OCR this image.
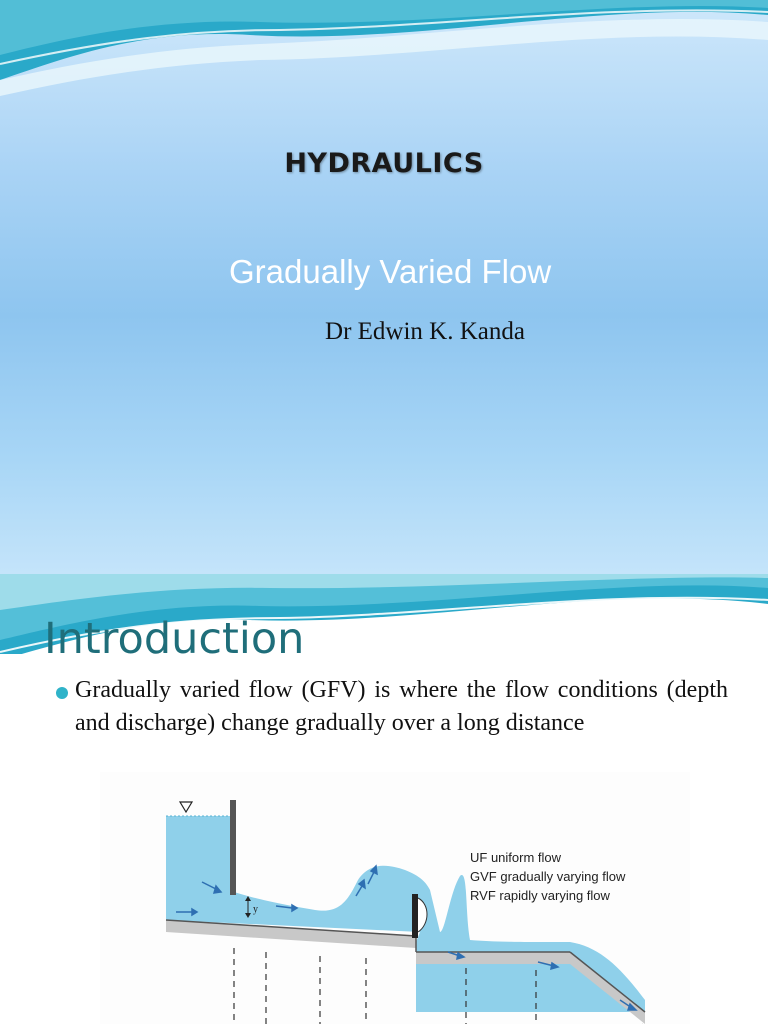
HYDRAULICS
Gradually Varied Flow
Dr Edwin K. Kanda
Introduction
Gradually varied flow (GFV) is where the flow conditions (depth and discharge) change gradually over a long distance
y
UF uniform flow
GVF gradually varying flow
RVF rapidly varying flow
